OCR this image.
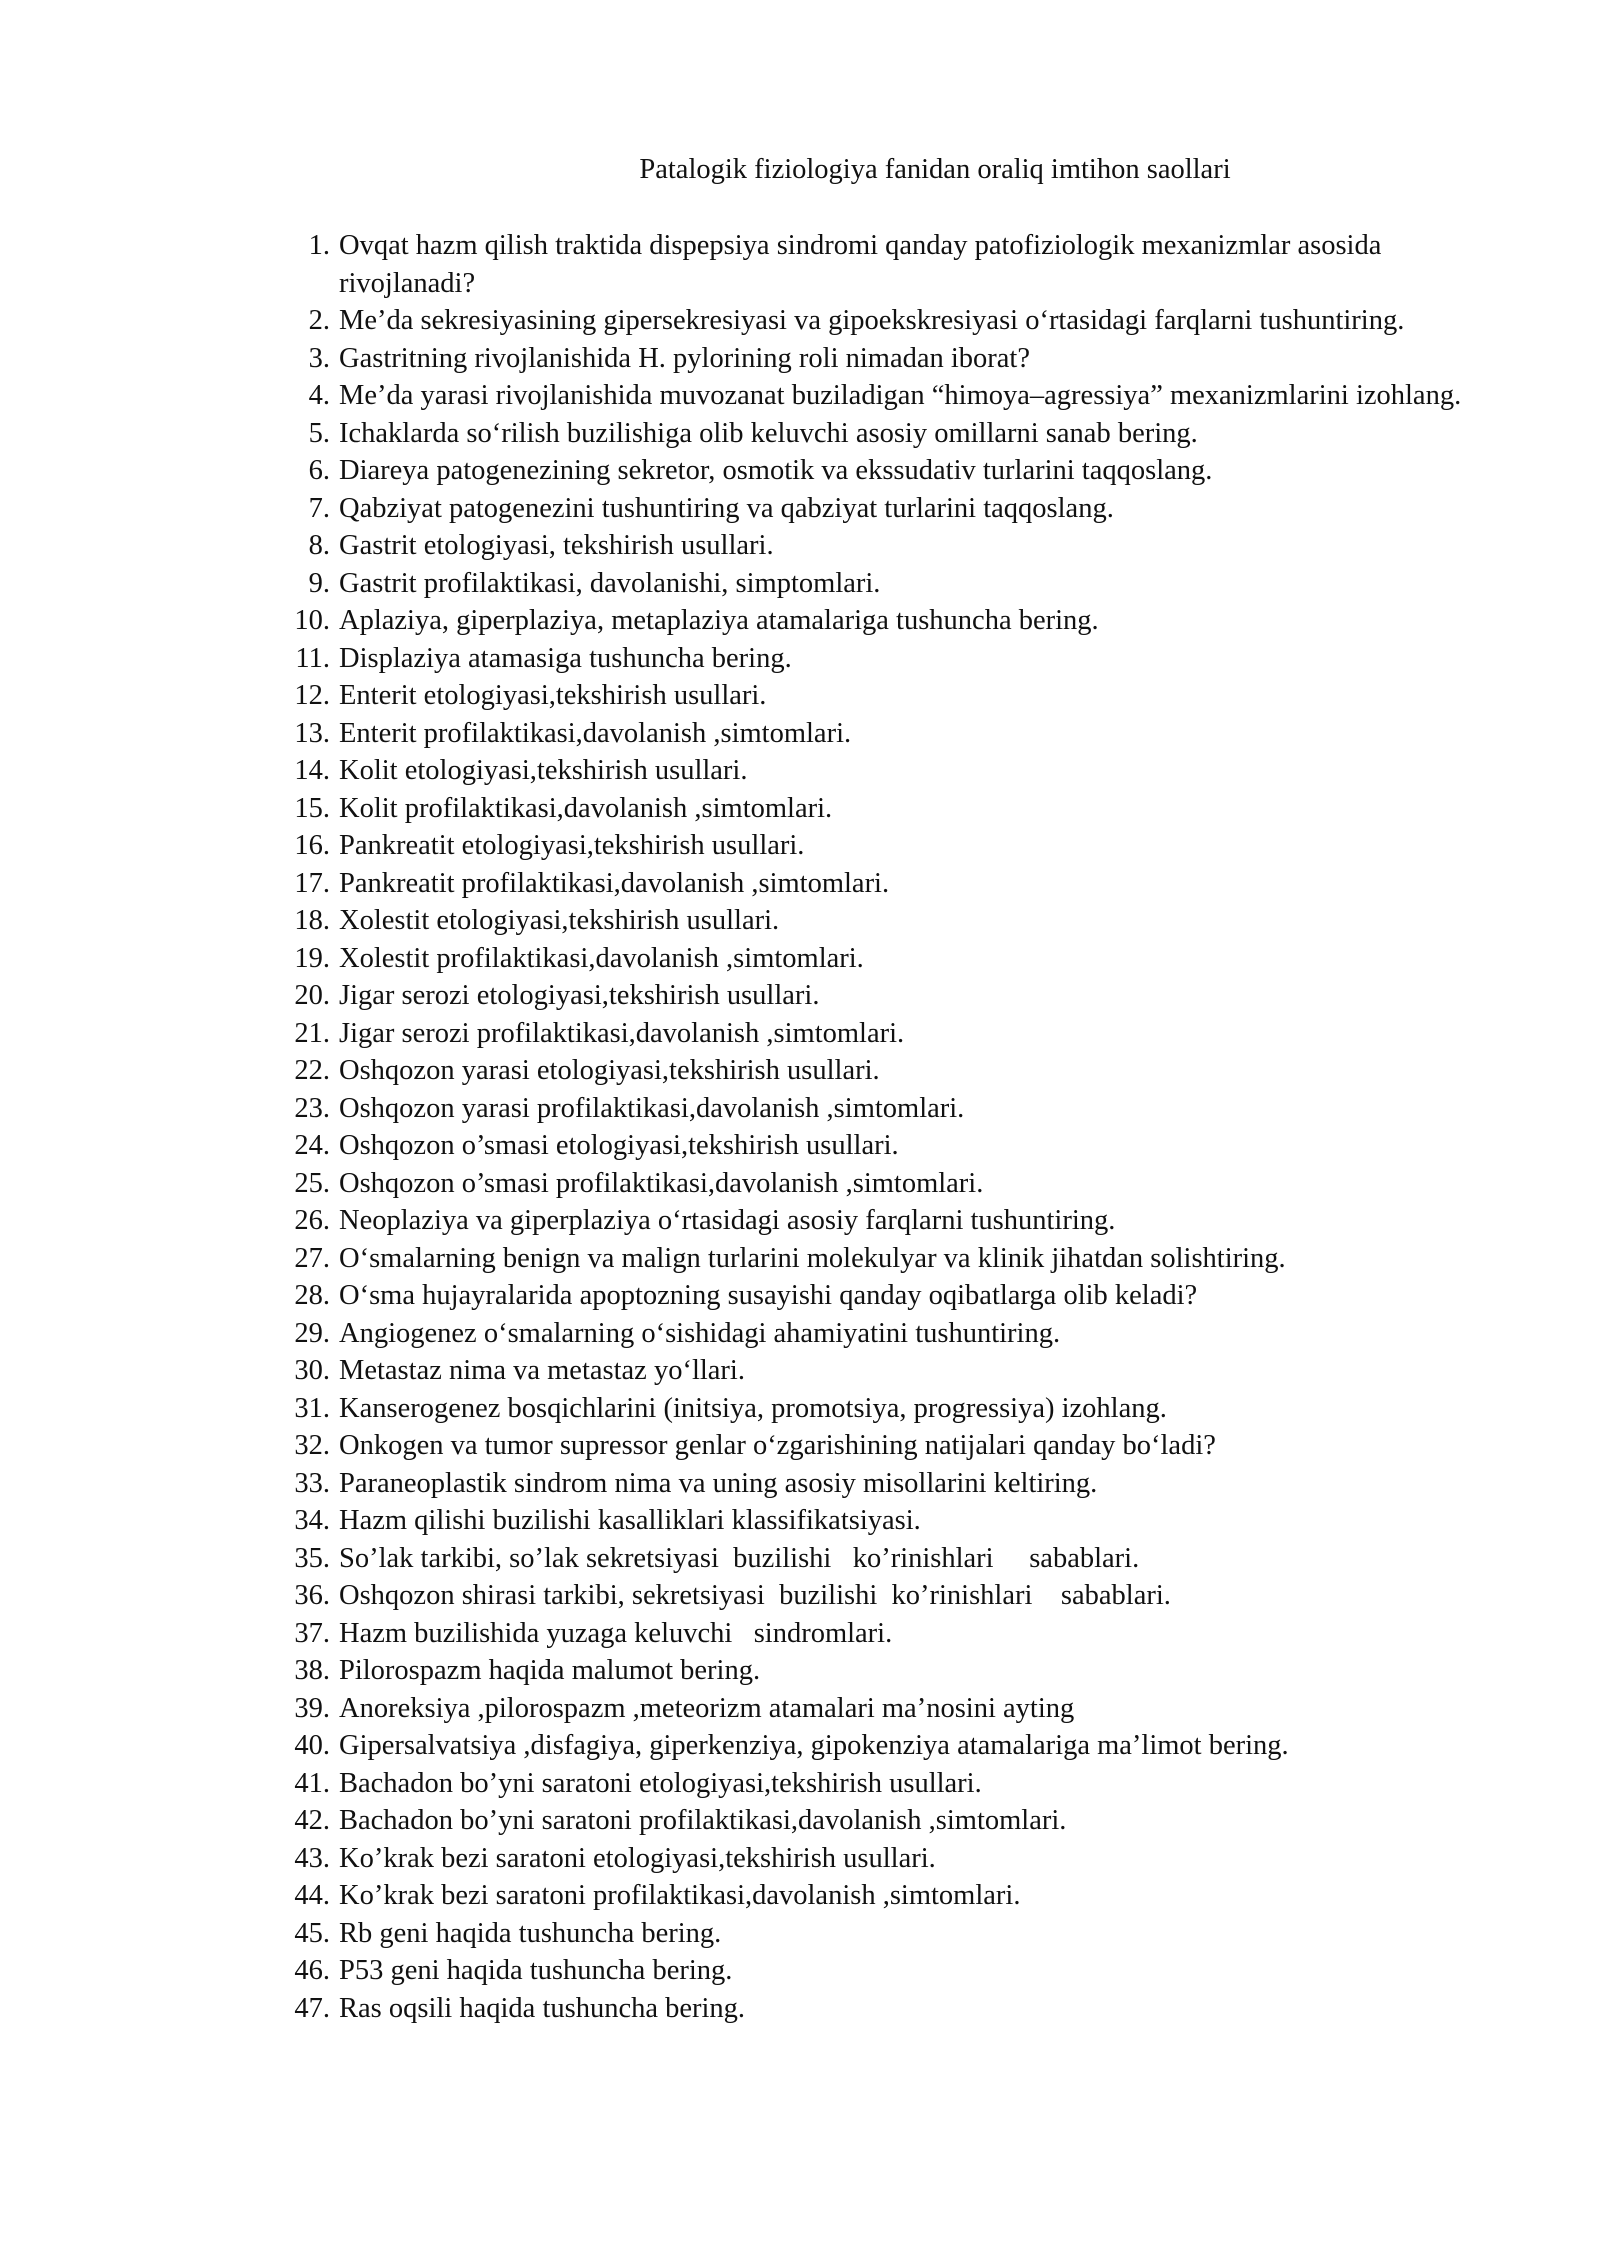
Patalogik fiziologiya fanidan oraliq imtihon saollari
1. Ovqat hazm qilish traktida dispepsiya sindromi qanday patofiziologik mexanizmlar asosida rivojlanadi?
2. Me’da sekresiyasining gipersekresiyasi va gipoekskresiyasi o‘rtasidagi farqlarni tushuntiring.
3. Gastritning rivojlanishida H. pylorining roli nimadan iborat?
4. Me’da yarasi rivojlanishida muvozanat buziladigan “himoya–agressiya” mexanizmlarini izohlang.
5. Ichaklarda so‘rilish buzilishiga olib keluvchi asosiy omillarni sanab bering.
6. Diareya patogenezining sekretor, osmotik va ekssudativ turlarini taqqoslang.
7. Qabziyat patogenezini tushuntiring va qabziyat turlarini taqqoslang.
8. Gastrit etologiyasi, tekshirish usullari.
9. Gastrit profilaktikasi, davolanishi, simptomlari.
10. Aplaziya, giperplaziya, metaplaziya atamalariga tushuncha bering.
11. Displaziya atamasiga tushuncha bering.
12. Enterit etologiyasi,tekshirish usullari.
13. Enterit profilaktikasi,davolanish ,simtomlari.
14. Kolit etologiyasi,tekshirish usullari.
15. Kolit profilaktikasi,davolanish ,simtomlari.
16. Pankreatit etologiyasi,tekshirish usullari.
17. Pankreatit profilaktikasi,davolanish ,simtomlari.
18. Xolestit etologiyasi,tekshirish usullari.
19. Xolestit profilaktikasi,davolanish ,simtomlari.
20. Jigar serozi etologiyasi,tekshirish usullari.
21. Jigar serozi profilaktikasi,davolanish ,simtomlari.
22. Oshqozon yarasi etologiyasi,tekshirish usullari.
23. Oshqozon yarasi profilaktikasi,davolanish ,simtomlari.
24. Oshqozon o’smasi etologiyasi,tekshirish usullari.
25. Oshqozon o’smasi profilaktikasi,davolanish ,simtomlari.
26. Neoplaziya va giperplaziya o‘rtasidagi asosiy farqlarni tushuntiring.
27. O‘smalarning benign va malign turlarini molekulyar va klinik jihatdan solishtiring.
28. O‘sma hujayralarida apoptozning susayishi qanday oqibatlarga olib keladi?
29. Angiogenez o‘smalarning o‘sishidagi ahamiyatini tushuntiring.
30. Metastaz nima va metastaz yo‘llari.
31. Kanserogenez bosqichlarini (initsiya, promotsiya, progressiya) izohlang.
32. Onkogen va tumor supressor genlar o‘zgarishining natijalari qanday bo‘ladi?
33. Paraneoplastik sindrom nima va uning asosiy misollarini keltiring.
34. Hazm qilishi buzilishi kasalliklari klassifikatsiyasi.
35. So’lak tarkibi, so’lak sekretsiyasi  buzilishi   ko’rinishlari     sabablari.
36. Oshqozon shirasi tarkibi, sekretsiyasi  buzilishi  ko’rinishlari    sabablari.
37. Hazm buzilishida yuzaga keluvchi   sindromlari.
38. Pilorospazm haqida malumot bering.
39. Anoreksiya ,pilorospazm ,meteorizm atamalari ma’nosini ayting
40. Gipersalvatsiya ,disfagiya, giperkenziya, gipokenziya atamalariga ma’limot bering.
41. Bachadon bo’yni saratoni etologiyasi,tekshirish usullari.
42. Bachadon bo’yni saratoni profilaktikasi,davolanish ,simtomlari.
43. Ko’krak bezi saratoni etologiyasi,tekshirish usullari.
44. Ko’krak bezi saratoni profilaktikasi,davolanish ,simtomlari.
45. Rb geni haqida tushuncha bering.
46. P53 geni haqida tushuncha bering.
47. Ras oqsili haqida tushuncha bering.
